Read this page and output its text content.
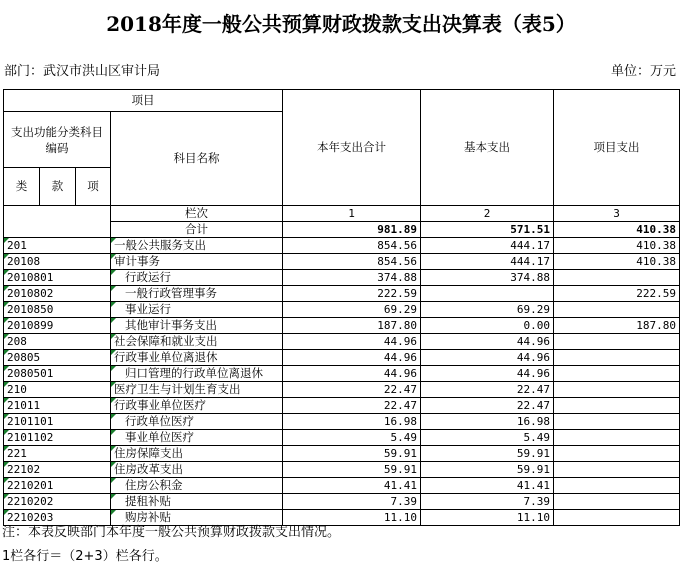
2018年度一般公共预算财政拨款支出决算表（表5）
部门：武汉市洪山区审计局	单位：万元
项目				本年支出合计	基本支出	项目支出
支出功能分类科目编码			科目名称			
类	款	项				
			栏次	1	2	3
			合计	981.89	571.51	410.38
201			一般公共服务支出	854.56	444.17	410.38
20108			审计事务	854.56	444.17	410.38
2010801			行政运行	374.88	374.88	
2010802			一般行政管理事务	222.59		222.59
2010850			事业运行	69.29	69.29	
2010899			其他审计事务支出	187.80	0.00	187.80
208			社会保障和就业支出	44.96	44.96	
20805			行政事业单位离退休	44.96	44.96	
2080501			归口管理的行政单位离退休	44.96	44.96	
210			医疗卫生与计划生育支出	22.47	22.47	
21011			行政事业单位医疗	22.47	22.47	
2101101			行政单位医疗	16.98	16.98	
2101102			事业单位医疗	5.49	5.49	
221			住房保障支出	59.91	59.91	
22102			住房改革支出	59.91	59.91	
2210201			住房公积金	41.41	41.41	
2210202			提租补贴	7.39	7.39	
2210203			购房补贴	11.10	11.10	
注：本表反映部门本年度一般公共预算财政拨款支出情况。
1栏各行＝（2+3）栏各行。
